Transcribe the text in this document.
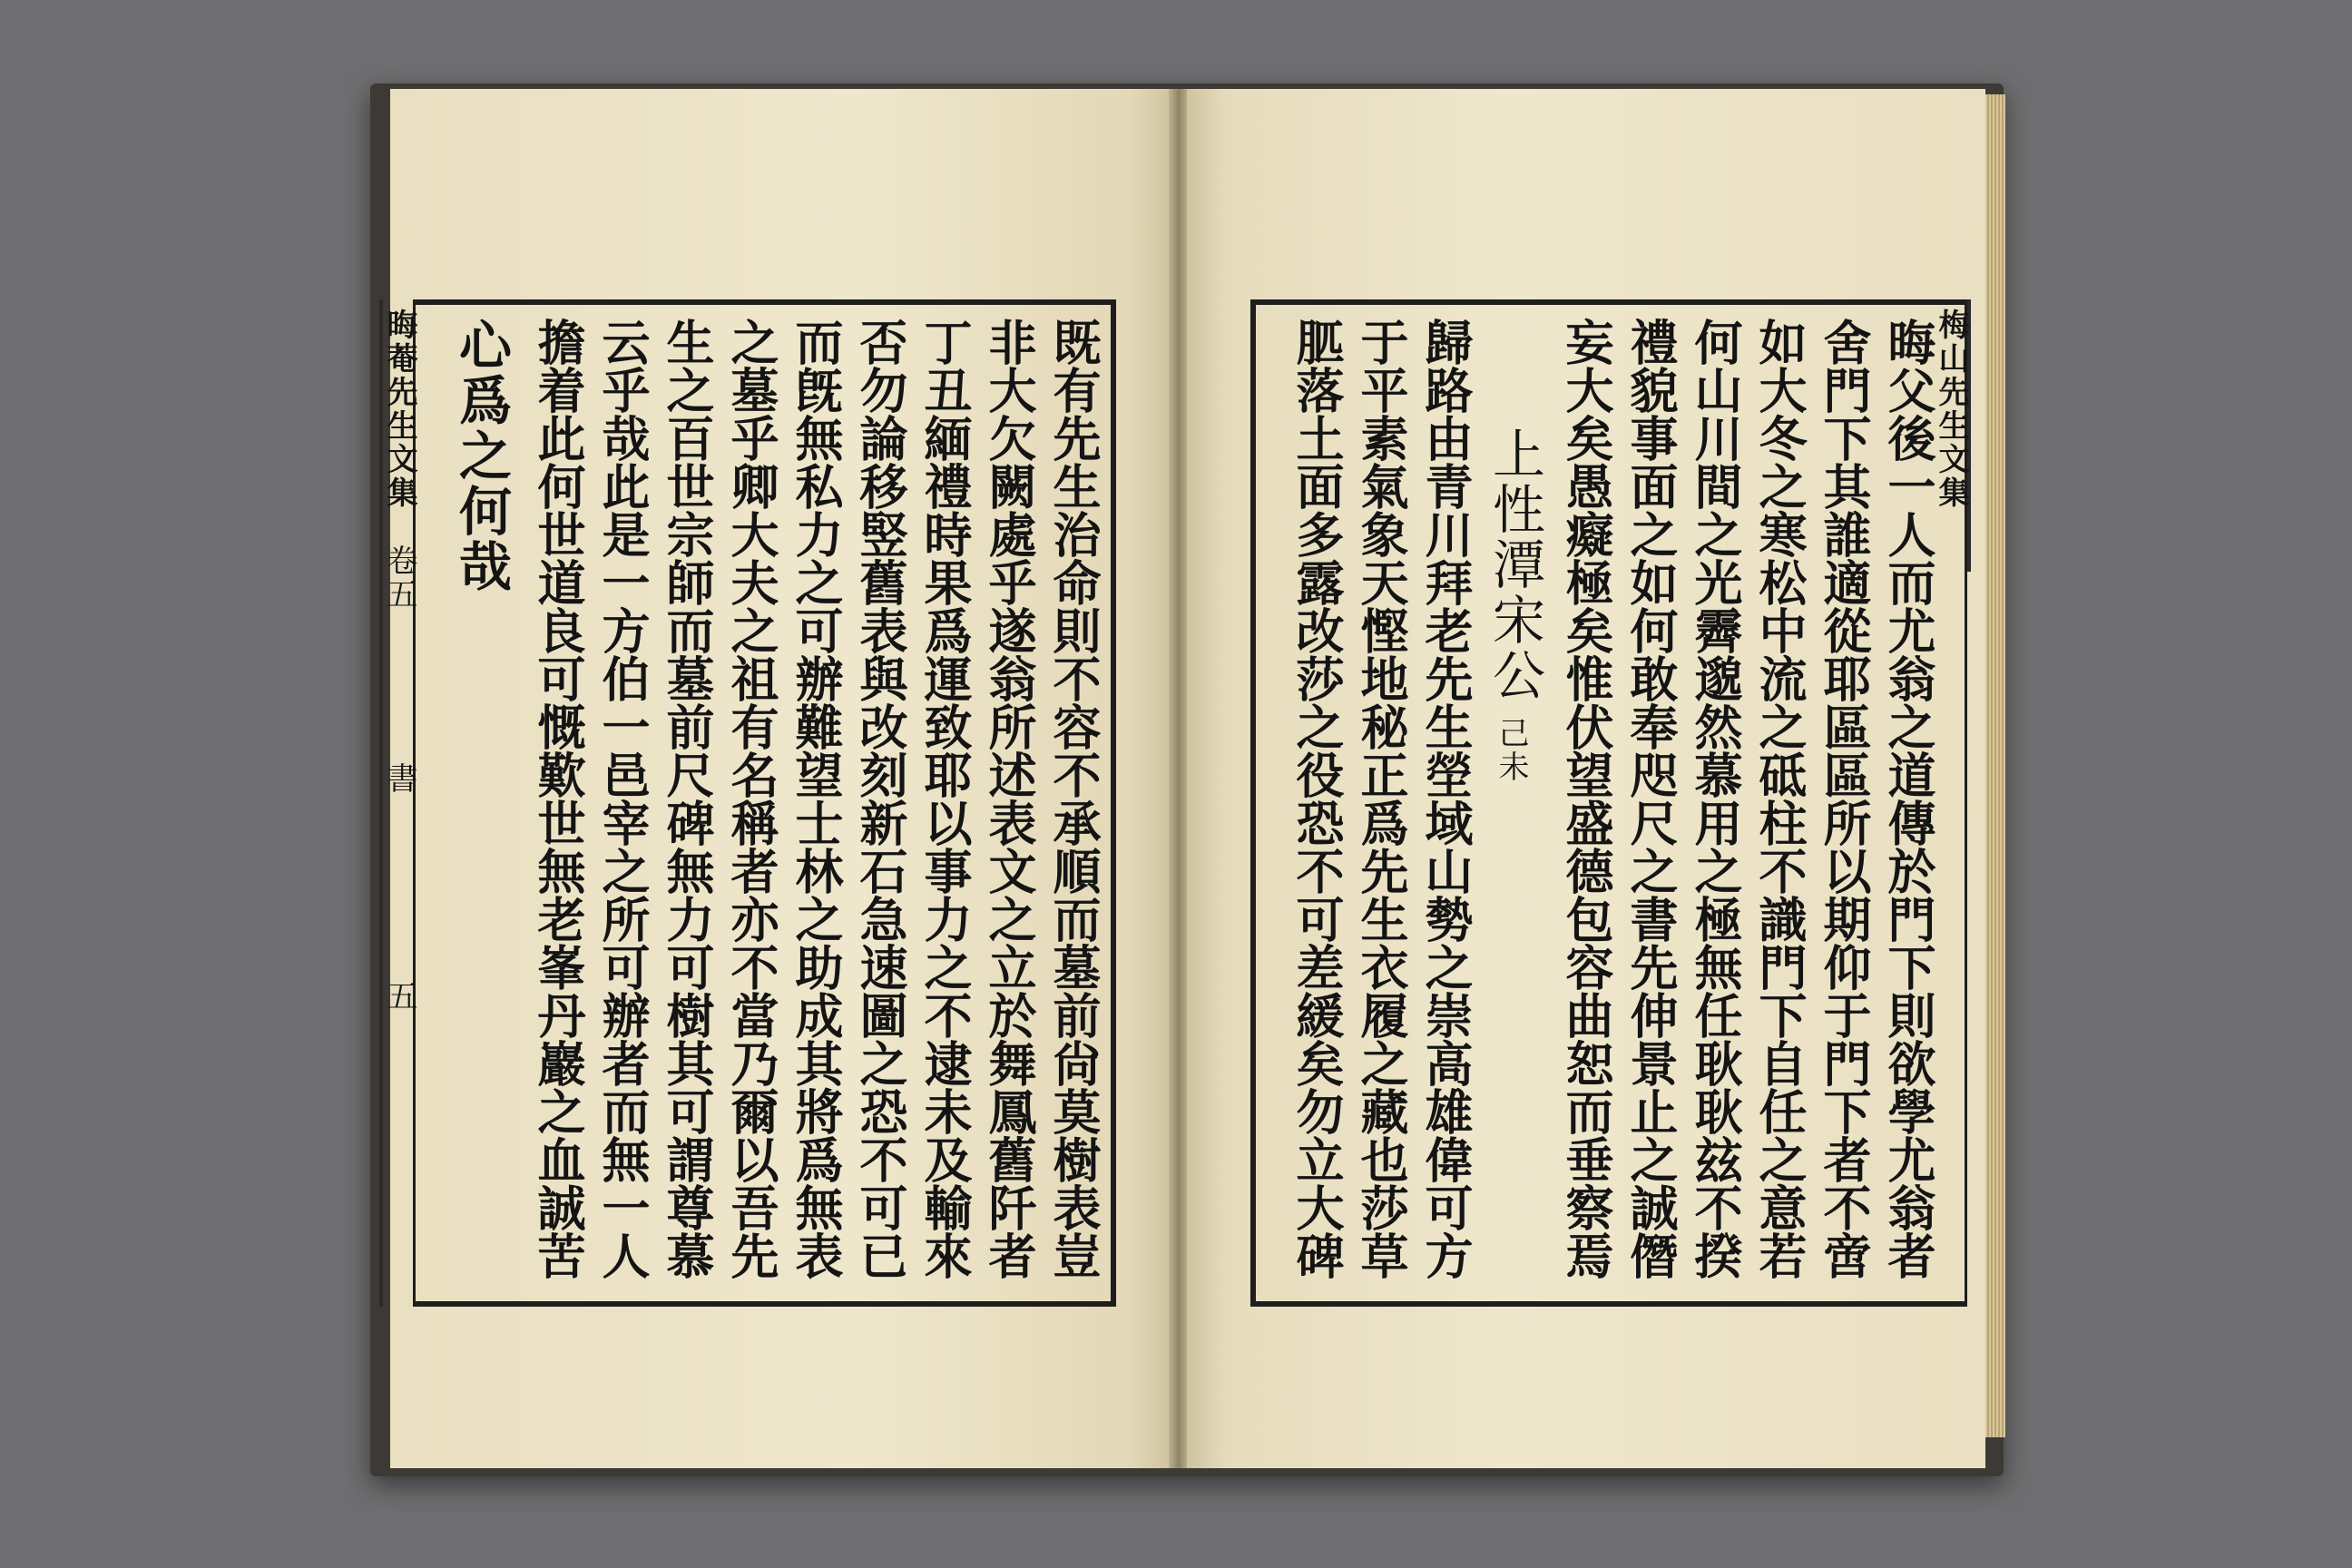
晦菴先生文集
卷五
書
五	既有先生治命則不容不承順而墓前尙莫樹表豈
非大欠闕處乎遂翁所述表文之立於舞鳳舊阡者
丁丑緬禮時果爲運致耶以事力之不逮未及輸來
否勿論移竪舊表與改刻新石急速圖之恐不可已
而旣無私力之可辦難望士林之助成其將爲無表
之墓乎卿大夫之祖有名稱者亦不當乃爾以吾先
生之百世宗師而墓前尺碑無力可樹其可謂尊慕
云乎哉此是一方伯一邑宰之所可辦者而無一人
擔着此何世道良可慨歎世無老峯丹巖之血誠苦
心爲之何哉	梅山先生文集
晦父後一人而尤翁之道傳於門下則欲學尤翁者
舍門下其誰適從耶區區所以期仰于門下者不啻
如大冬之寒松中流之砥柱不識門下自任之意若
何山川間之光霽邈然慕用之極無任耿耿玆不揆
禮貌事面之如何敢奉咫尺之書先伸景止之誠僭
妄大矣愚癡極矣惟伏望盛德包容曲恕而垂察焉
上性潭宋公
己未
歸路由青川拜老先生塋域山勢之崇高雄偉可方
于平素氣象天慳地秘正爲先生衣履之藏也莎草
䏘落土面多露改莎之役恐不可差緩矣勿立大碑
